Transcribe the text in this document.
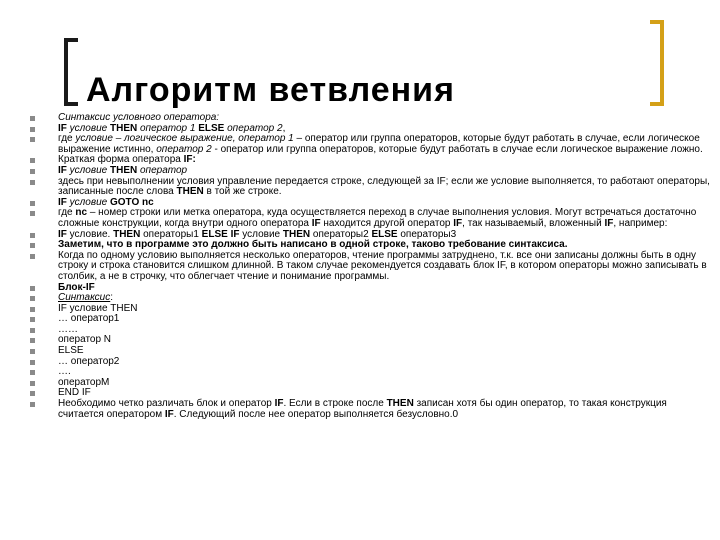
Алгоритм ветвления
Синтаксис условного оператора:
IF условие THEN оператор 1 ELSE оператор 2,
где условие – логическое выражение, оператор 1 – оператор или группа операторов, которые будут работать в случае, если логическое выражение истинно, оператор 2 - оператор или группа операторов, которые будут работать в случае если логическое выражение ложно.
Краткая форма оператора IF:
IF условие THEN оператор
здесь при невыполнении условия управление передается строке, следующей за IF; если же условие выполняется, то работают операторы, записанные после слова THEN в той же строке.
IF условие GOTO nc
где nc – номер строки или метка оператора, куда осуществляется переход в случае выполнения условия. Могут встречаться достаточно сложные конструкции, когда внутри одного оператора IF находится другой оператор IF, так называемый, вложенный IF, например:
IF условие. THEN операторы1 ELSE IF условие THEN операторы2 ELSE операторы3
Заметим, что в программе это должно быть написано в одной строке, таково требование синтаксиса.
Когда по одному условию выполняется несколько операторов, чтение программы затруднено, т.к. все они записаны должны быть в одну строку и строка становится слишком длинной. В таком случае рекомендуется создавать блок IF, в котором операторы можно записывать в столбик, а не в строчку, что облегчает чтение и понимание программы.
Блок-IF
Синтаксис:
IF условие THEN
… оператор1
……
оператор N
ELSE
… оператор2
….
операторM
END IF
Необходимо четко различать блок и оператор IF. Если в строке после THEN записан хотя бы один оператор, то такая конструкция считается оператором IF. Следующий после нее оператор выполняется безусловно.0
